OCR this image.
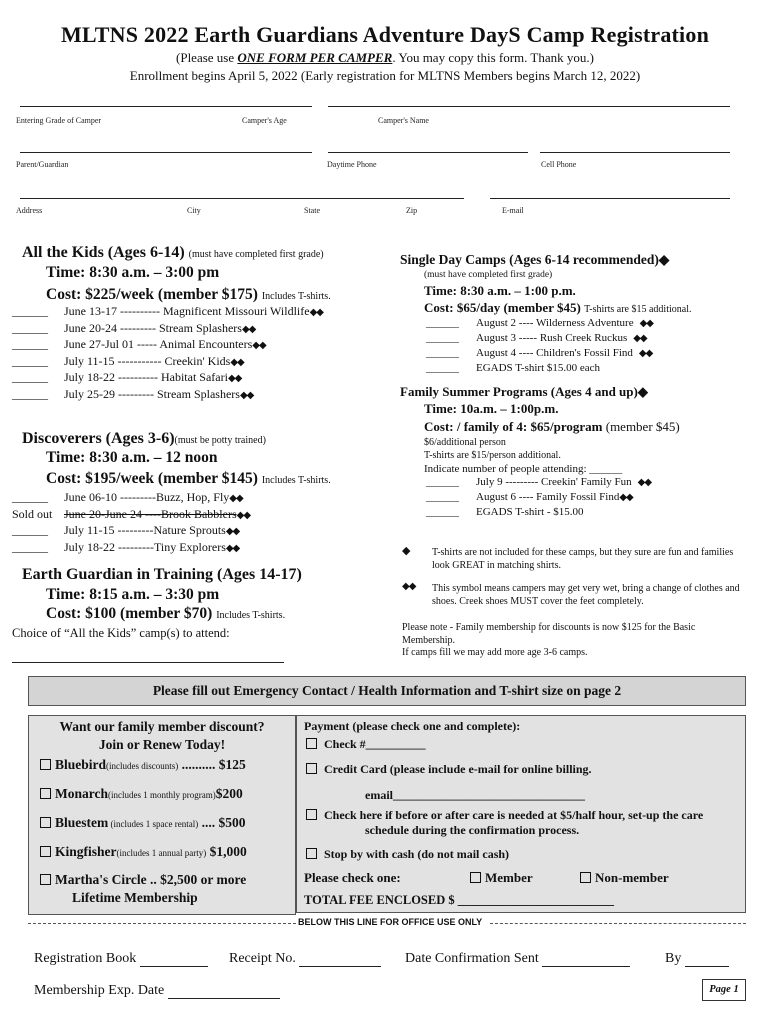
MLTNS 2022 Earth Guardians Adventure DayS Camp Registration
(Please use ONE FORM PER CAMPER. You may copy this form. Thank you.)
Enrollment begins April 5, 2022 (Early registration for MLTNS Members begins March 12, 2022)
Entering Grade of Camper	Camper's Age	Camper's Name
Parent/Guardian	Daytime Phone	Cell Phone
Address	City	State	Zip	E-mail
All the Kids (Ages 6-14) (must have completed first grade)
Time: 8:30 a.m. – 3:00 pm
Cost: $225/week (member $175) Includes T-shirts.
______ June 13-17 ---------- Magnificent Missouri Wildlife◆◆
______ June 20-24 --------- Stream Splashers◆◆
______ June 27-Jul 01 ----- Animal Encounters◆◆
______ July 11-15 ----------- Creekin' Kids◆◆
______ July 18-22 ---------- Habitat Safari◆◆
______ July 25-29 --------- Stream Splashers◆◆
Discoverers (Ages 3-6)(must be potty trained)
Time: 8:30 a.m. – 12 noon
Cost: $195/week (member $145) Includes T-shirts.
______ June 06-10 ---------Buzz, Hop, Fly◆◆
Sold out June 20-June 24 ----Brook Babblers◆◆
______ July 11-15 ---------Nature Sprouts◆◆
______ July 18-22 ---------Tiny Explorers◆◆
Earth Guardian in Training (Ages 14-17)
Time: 8:15 a.m. – 3:30 pm
Cost: $100 (member $70) Includes T-shirts.
Choice of “All the Kids” camp(s) to attend:
Single Day Camps (Ages 6-14 recommended)◆
(must have completed first grade)
Time: 8:30 a.m. – 1:00 p.m.
Cost: $65/day (member $45) T-shirts are $15 additional.
______ August 2 ---- Wilderness Adventure ◆◆
______ August 3 ----- Rush Creek Ruckus ◆◆
______ August 4 ---- Children's Fossil Find ◆◆
______ EGADS T-shirt $15.00 each
Family Summer Programs (Ages 4 and up)◆
Time: 10a.m. – 1:00p.m.
Cost: / family of 4: $65/program (member $45)
$6/additional person
T-shirts are $15/person additional.
Indicate number of people attending: ______
______ July 9 --------- Creekin' Family Fun ◆◆
______ August 6 ---- Family Fossil Find◆◆
______ EGADS T-shirt - $15.00
◆ T-shirts are not included for these camps, but they sure are fun and families look GREAT in matching shirts.
◆◆ This symbol means campers may get very wet, bring a change of clothes and shoes. Creek shoes MUST cover the feet completely.
Please note - Family membership for discounts is now $125 for the Basic Membership.
If camps fill we may add more age 3-6 camps.
Please fill out Emergency Contact / Health Information and T-shirt size on page 2
Want our family member discount?
Join or Renew Today!
Bluebird(includes discounts) .......... $125
Monarch(includes 1 monthly program)$200
Bluestem (includes 1 space rental) .... $500
Kingfisher(includes 1 annual party) $1,000
Martha's Circle .. $2,500 or more
Lifetime Membership
Payment (please check one and complete):
Check #__________
Credit Card (please include e-mail for online billing.
email________________________________
Check here if before or after care is needed at $5/half hour, set-up the care
schedule during the confirmation process.
Stop by with cash (do not mail cash)
Please check one:	Member	Non-member
TOTAL FEE ENCLOSED $ _________________________
BELOW THIS LINE FOR OFFICE USE ONLY
Registration Book	Receipt No.	Date Confirmation Sent	By
Membership Exp. Date	Page 1
